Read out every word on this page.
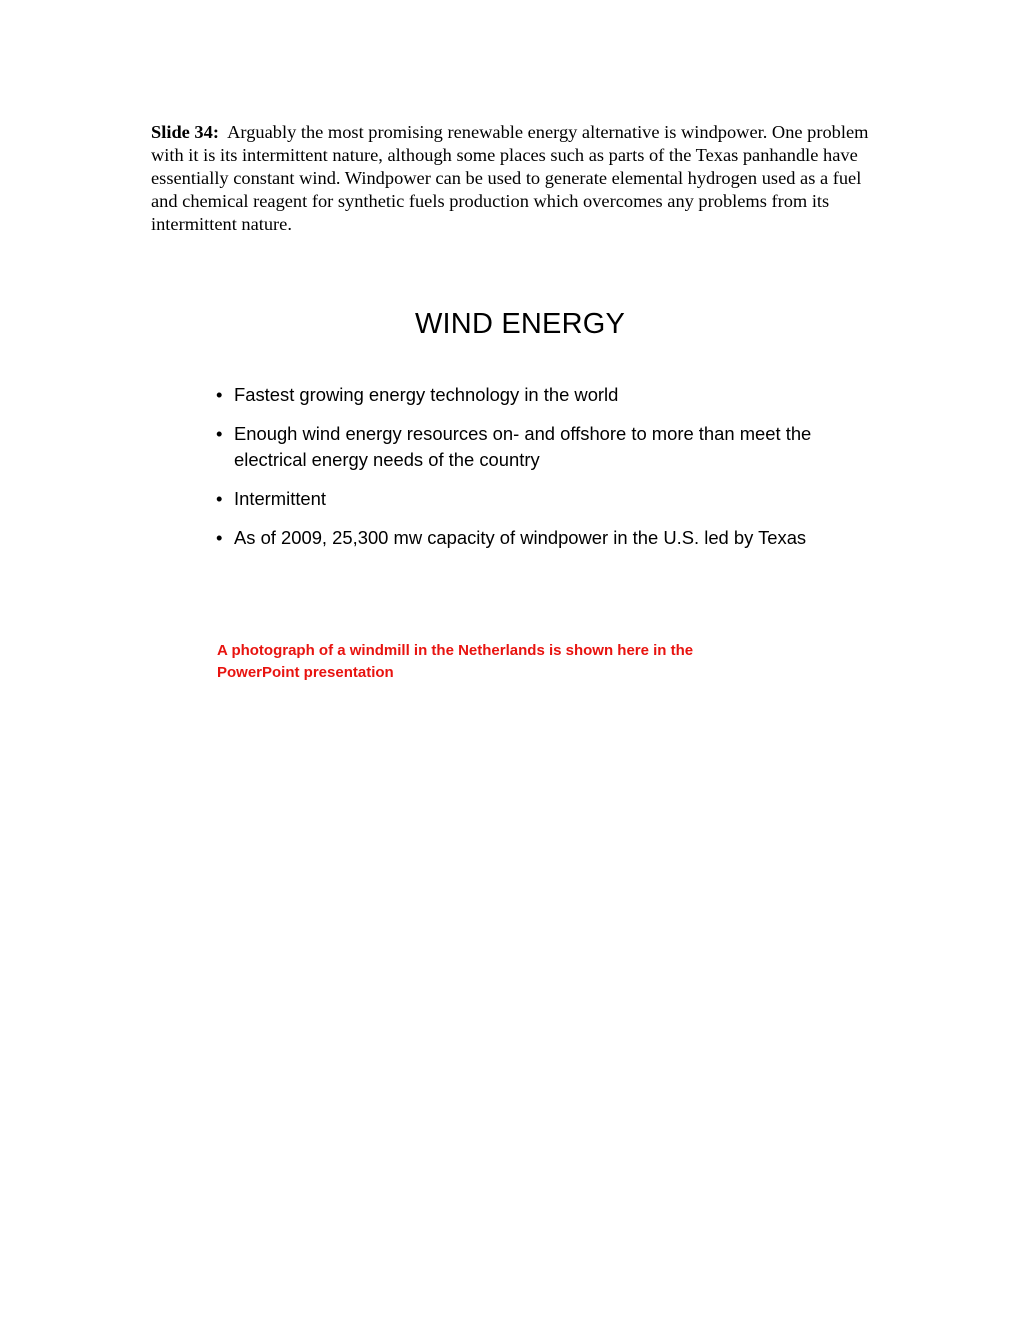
Slide 34: Arguably the most promising renewable energy alternative is windpower. One problem with it is its intermittent nature, although some places such as parts of the Texas panhandle have essentially constant wind. Windpower can be used to generate elemental hydrogen used as a fuel and chemical reagent for synthetic fuels production which overcomes any problems from its intermittent nature.

WIND ENERGY
• Fastest growing energy technology in the world
• Enough wind energy resources on- and offshore to more than meet the electrical energy needs of the country
• Intermittent
• As of 2009, 25,300 mw capacity of windpower in the U.S. led by Texas

A photograph of a windmill in the Netherlands is shown here in the PowerPoint presentation
